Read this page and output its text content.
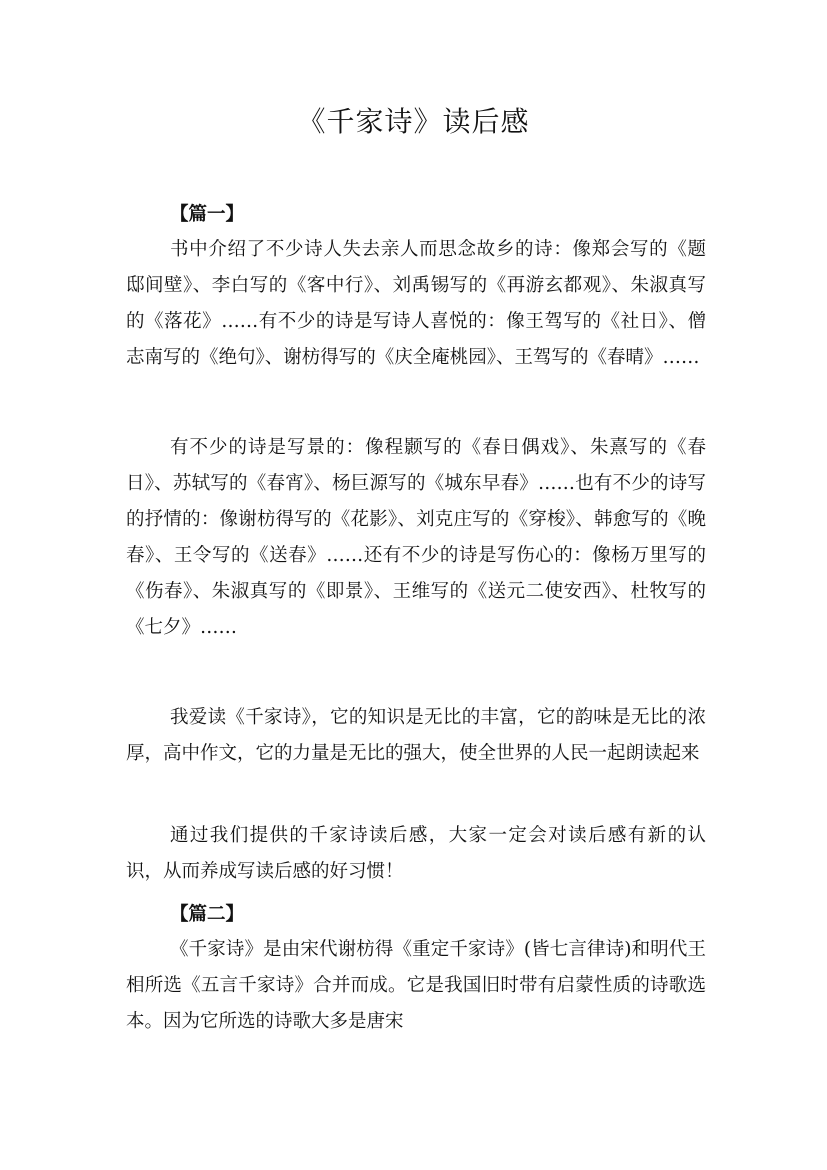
《千家诗》读后感
【篇一】
书中介绍了不少诗人失去亲人而思念故乡的诗：像郑会写的《题邸间壁》、李白写的《客中行》、刘禹锡写的《再游玄都观》、朱淑真写的《落花》……有不少的诗是写诗人喜悦的：像王驾写的《社日》、僧志南写的《绝句》、谢枋得写的《庆全庵桃园》、王驾写的《春晴》……
有不少的诗是写景的：像程颢写的《春日偶戏》、朱熹写的《春日》、苏轼写的《春宵》、杨巨源写的《城东早春》……也有不少的诗写的抒情的：像谢枋得写的《花影》、刘克庄写的《穿梭》、韩愈写的《晚春》、王令写的《送春》……还有不少的诗是写伤心的：像杨万里写的《伤春》、朱淑真写的《即景》、王维写的《送元二使安西》、杜牧写的《七夕》……
我爱读《千家诗》，它的知识是无比的丰富，它的韵味是无比的浓厚，高中作文，它的力量是无比的强大，使全世界的人民一起朗读起来
通过我们提供的千家诗读后感，大家一定会对读后感有新的认识，从而养成写读后感的好习惯！
【篇二】
《千家诗》是由宋代谢枋得《重定千家诗》(皆七言律诗)和明代王相所选《五言千家诗》合并而成。它是我国旧时带有启蒙性质的诗歌选本。因为它所选的诗歌大多是唐宋
